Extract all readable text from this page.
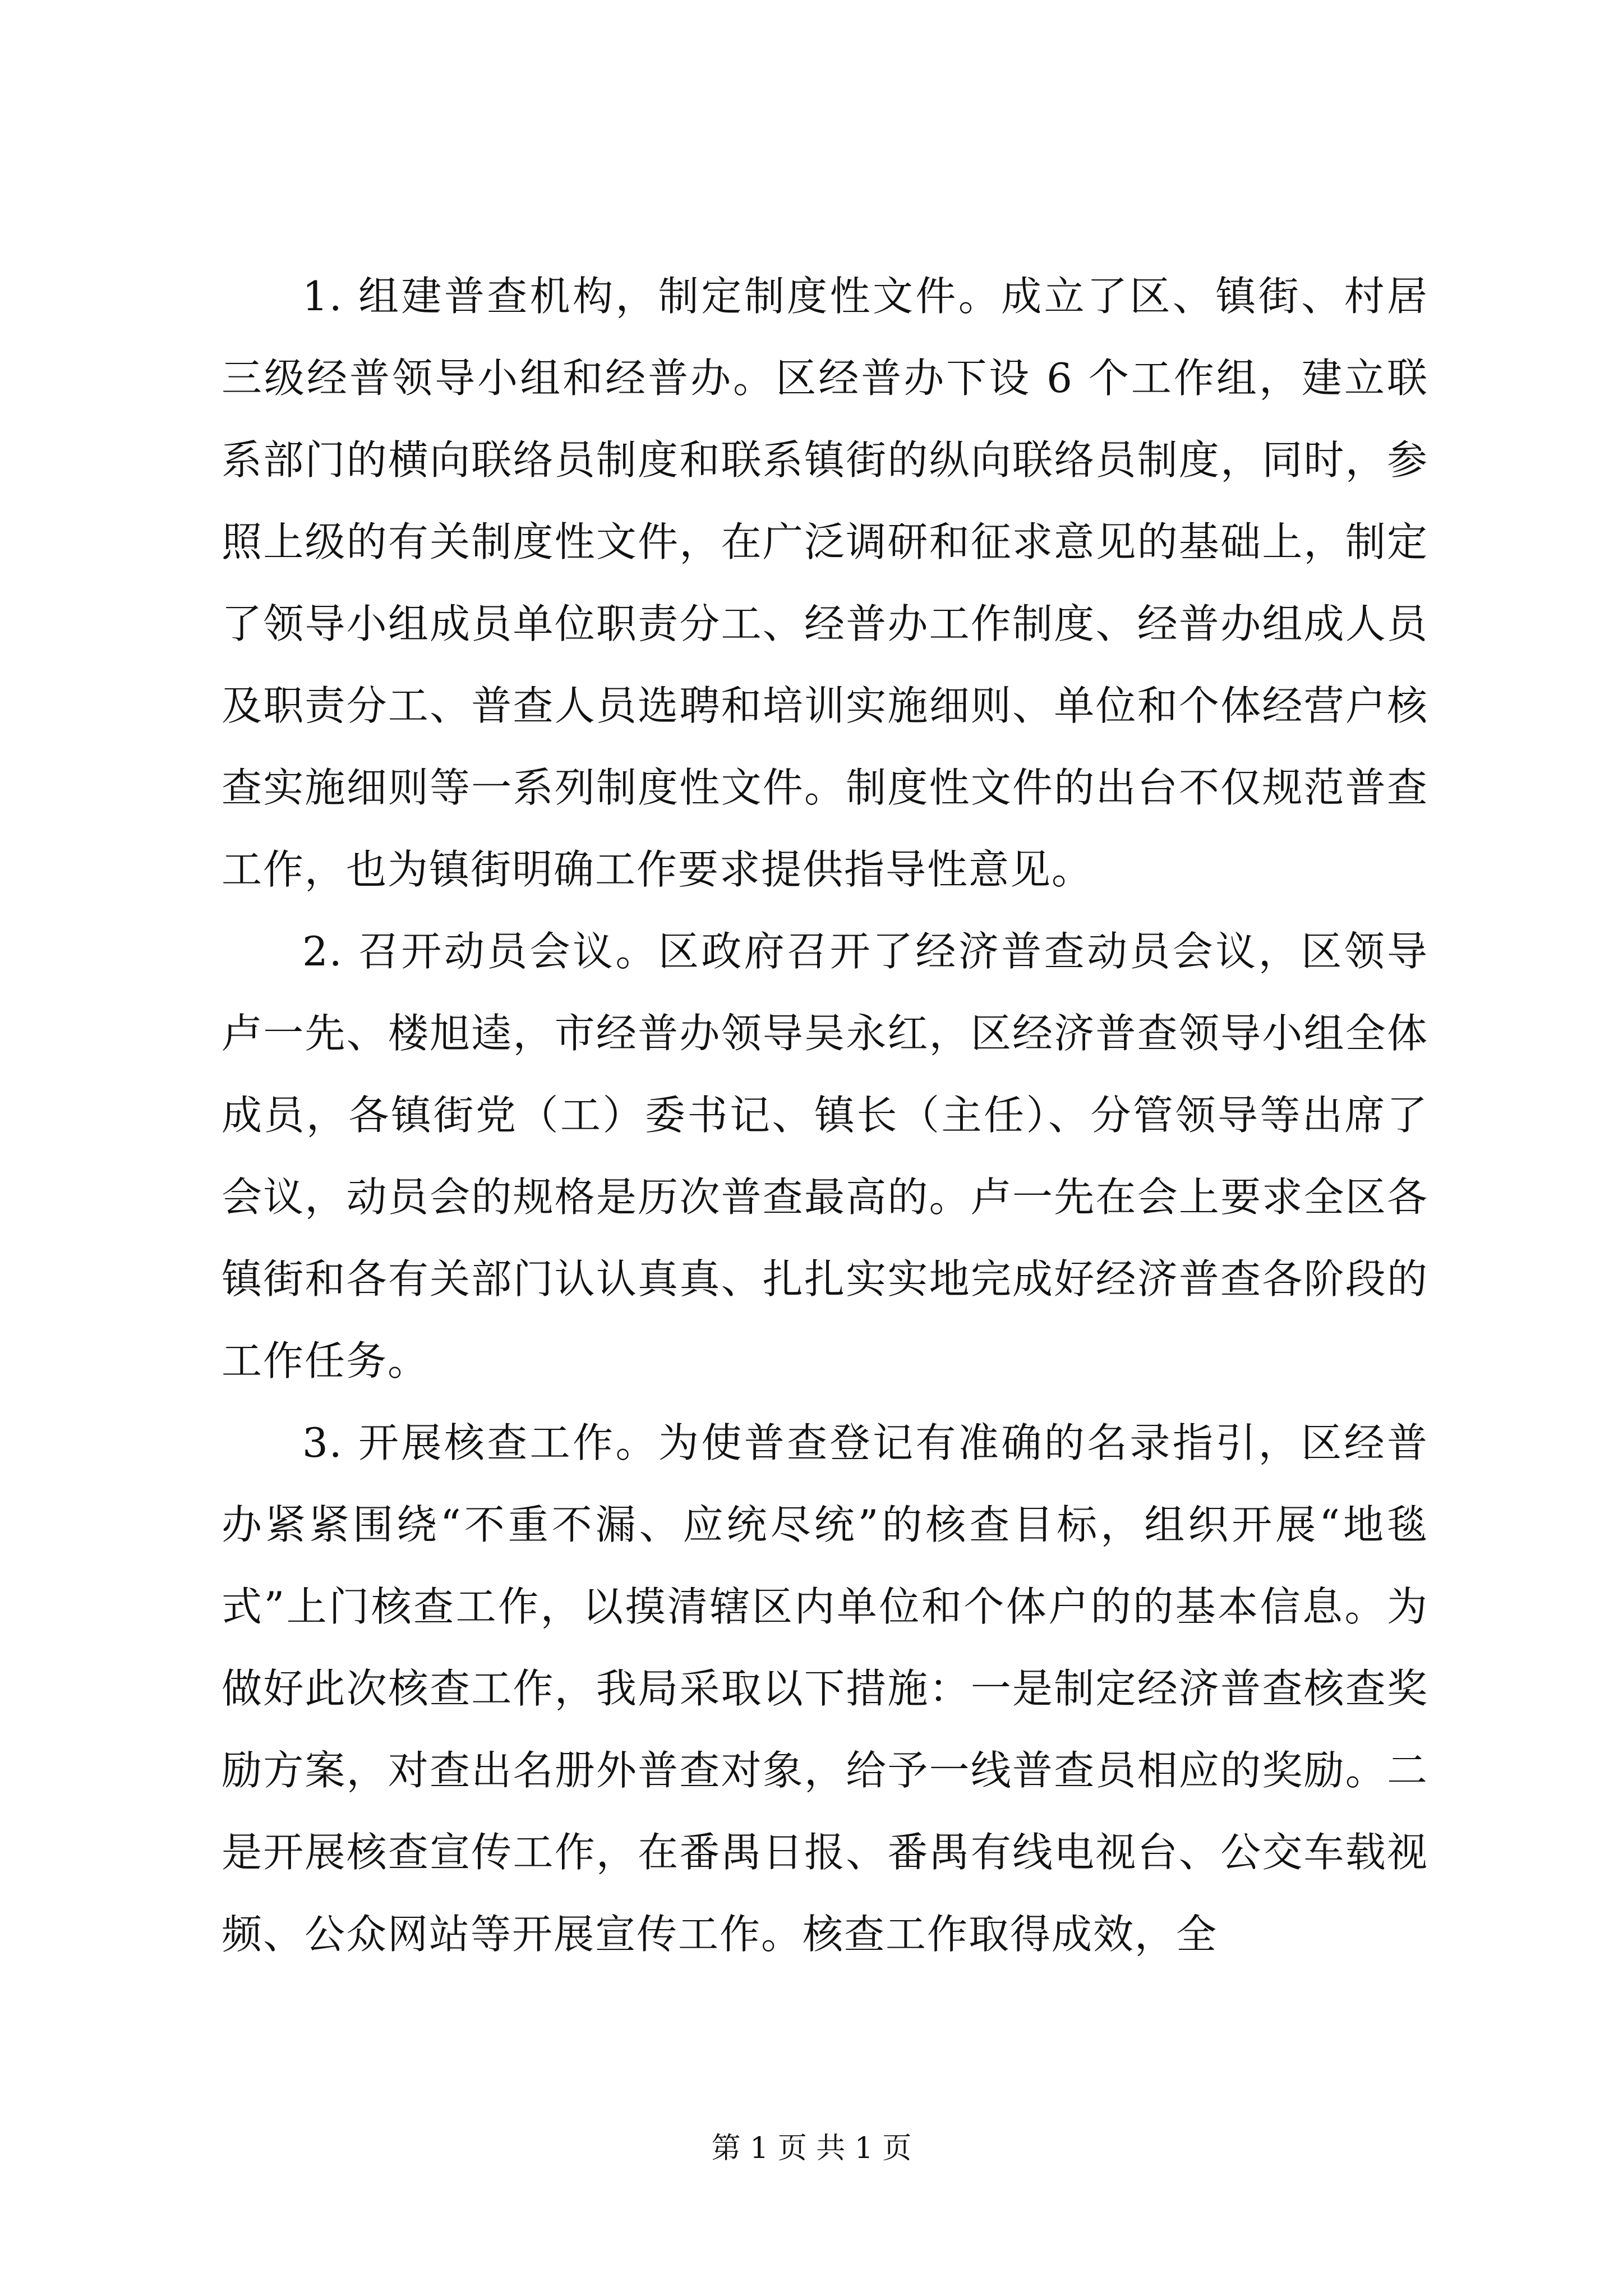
1. 组建普查机构，制定制度性文件。成立了区、镇街、村居三级经普领导小组和经普办。区经普办下设 6 个工作组，建立联系部门的横向联络员制度和联系镇街的纵向联络员制度，同时，参照上级的有关制度性文件，在广泛调研和征求意见的基础上，制定了领导小组成员单位职责分工、经普办工作制度、经普办组成人员及职责分工、普查人员选聘和培训实施细则、单位和个体经营户核查实施细则等一系列制度性文件。制度性文件的出台不仅规范普查工作，也为镇街明确工作要求提供指导性意见。

2. 召开动员会议。区政府召开了经济普查动员会议，区领导卢一先、楼旭逵，市经普办领导吴永红，区经济普查领导小组全体成员，各镇街党（工）委书记、镇长（主任）、分管领导等出席了会议，动员会的规格是历次普查最高的。卢一先在会上要求全区各镇街和各有关部门认认真真、扎扎实实地完成好经济普查各阶段的工作任务。

3. 开展核查工作。为使普查登记有准确的名录指引，区经普办紧紧围绕“不重不漏、应统尽统”的核查目标，组织开展“地毯式”上门核查工作，以摸清辖区内单位和个体户的的基本信息。为做好此次核查工作，我局采取以下措施：一是制定经济普查核查奖励方案，对查出名册外普查对象，给予一线普查员相应的奖励。二是开展核查宣传工作，在番禺日报、番禺有线电视台、公交车载视频、公众网站等开展宣传工作。核查工作取得成效，全

第 1 页 共 1 页
